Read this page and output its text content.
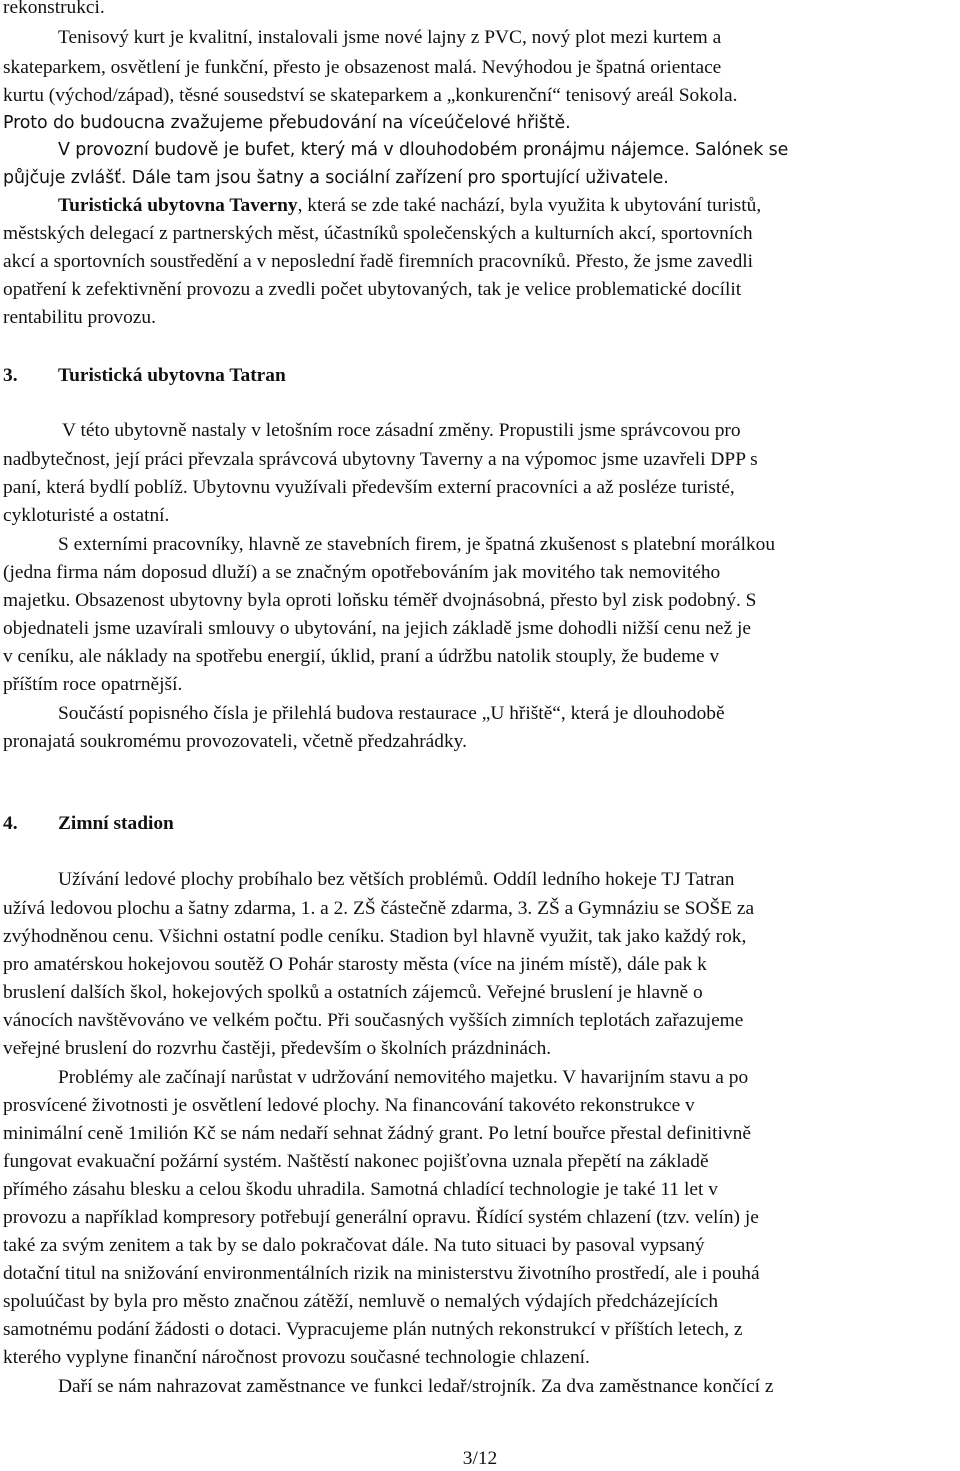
rekonstrukci.
Tenisový kurt je kvalitní, instalovali jsme nové lajny z PVC, nový plot mezi kurtem a
skateparkem, osvětlení je funkční, přesto je obsazenost malá. Nevýhodou je špatná orientace
kurtu (východ/západ), těsné sousedství se skateparkem a „konkurenční“ tenisový areál Sokola.
Proto do budoucna zvažujeme přebudování na víceúčelové hřiště.
V provozní budově je bufet, který má v dlouhodobém pronájmu nájemce. Salónek se
půjčuje zvlášť. Dále tam jsou šatny a sociální zařízení pro sportující uživatele.
Turistická ubytovna Taverny, která se zde také nachází, byla využita k ubytování turistů,
městských delegací z partnerských měst, účastníků společenských a kulturních akcí, sportovních
akcí a sportovních soustředění a v neposlední řadě firemních pracovníků. Přesto, že jsme zavedli
opatření k zefektivnění provozu a zvedli počet ubytovaných, tak je velice problematické docílit
rentabilitu provozu.
3. Turistická ubytovna Tatran
V této ubytovně nastaly v letošním roce zásadní změny. Propustili jsme správcovou pro
nadbytečnost, její práci převzala správcová ubytovny Taverny a na výpomoc jsme uzavřeli DPP s
paní, která bydlí poblíž. Ubytovnu využívali především externí pracovníci a až posléze turisté,
cykloturisté a ostatní.
S externími pracovníky, hlavně ze stavebních firem, je špatná zkušenost s platební morálkou
(jedna firma nám doposud dluží) a se značným opotřebováním jak movitého tak nemovitého
majetku. Obsazenost ubytovny byla oproti loňsku téměř dvojnásobná, přesto byl zisk podobný. S
objednateli jsme uzavírali smlouvy o ubytování, na jejich základě jsme dohodli nižší cenu než je
v ceníku, ale náklady na spotřebu energií, úklid, praní a údržbu natolik stouply, že budeme v
příštím roce opatrnější.
Součástí popisného čísla je přilehlá budova restaurace „U hřiště“, která je dlouhodobě
pronajatá soukromému provozovateli, včetně předzahrádky.
4. Zimní stadion
Užívání ledové plochy probíhalo bez větších problémů. Oddíl ledního hokeje TJ Tatran
užívá ledovou plochu a šatny zdarma, 1. a 2. ZŠ částečně zdarma, 3. ZŠ a Gymnáziu se SOŠE za
zvýhodněnou cenu. Všichni ostatní podle ceníku. Stadion byl hlavně využit, tak jako každý rok,
pro amatérskou hokejovou soutěž O Pohár starosty města (více na jiném místě), dále pak k
bruslení dalších škol, hokejových spolků a ostatních zájemců. Veřejné bruslení je hlavně o
vánocích navštěvováno ve velkém počtu. Při současných vyšších zimních teplotách zařazujeme
veřejné bruslení do rozvrhu častěji, především o školních prázdninách.
Problémy ale začínají narůstat v udržování nemovitého majetku. V havarijním stavu a po
prosvícené životnosti je osvětlení ledové plochy. Na financování takovéto rekonstrukce v
minimální ceně 1milión Kč se nám nedaří sehnat žádný grant. Po letní bouřce přestal definitivně
fungovat evakuační požární systém. Naštěstí nakonec pojišťovna uznala přepětí na základě
přímého zásahu blesku a celou škodu uhradila. Samotná chladící technologie je také 11 let v
provozu a například kompresory potřebují generální opravu. Řídící systém chlazení (tzv. velín) je
také za svým zenitem a tak by se dalo pokračovat dále. Na tuto situaci by pasoval vypsaný
dotační titul na snižování environmentálních rizik na ministerstvu životního prostředí, ale i pouhá
spoluúčast by byla pro město značnou zátěží, nemluvě o nemalých výdajích předcházejících
samotnému podání žádosti o dotaci. Vypracujeme plán nutných rekonstrukcí v příštích letech, z
kterého vyplyne finanční náročnost provozu současné technologie chlazení.
Daří se nám nahrazovat zaměstnance ve funkci ledař/strojník. Za dva zaměstnance končící z
3/12
